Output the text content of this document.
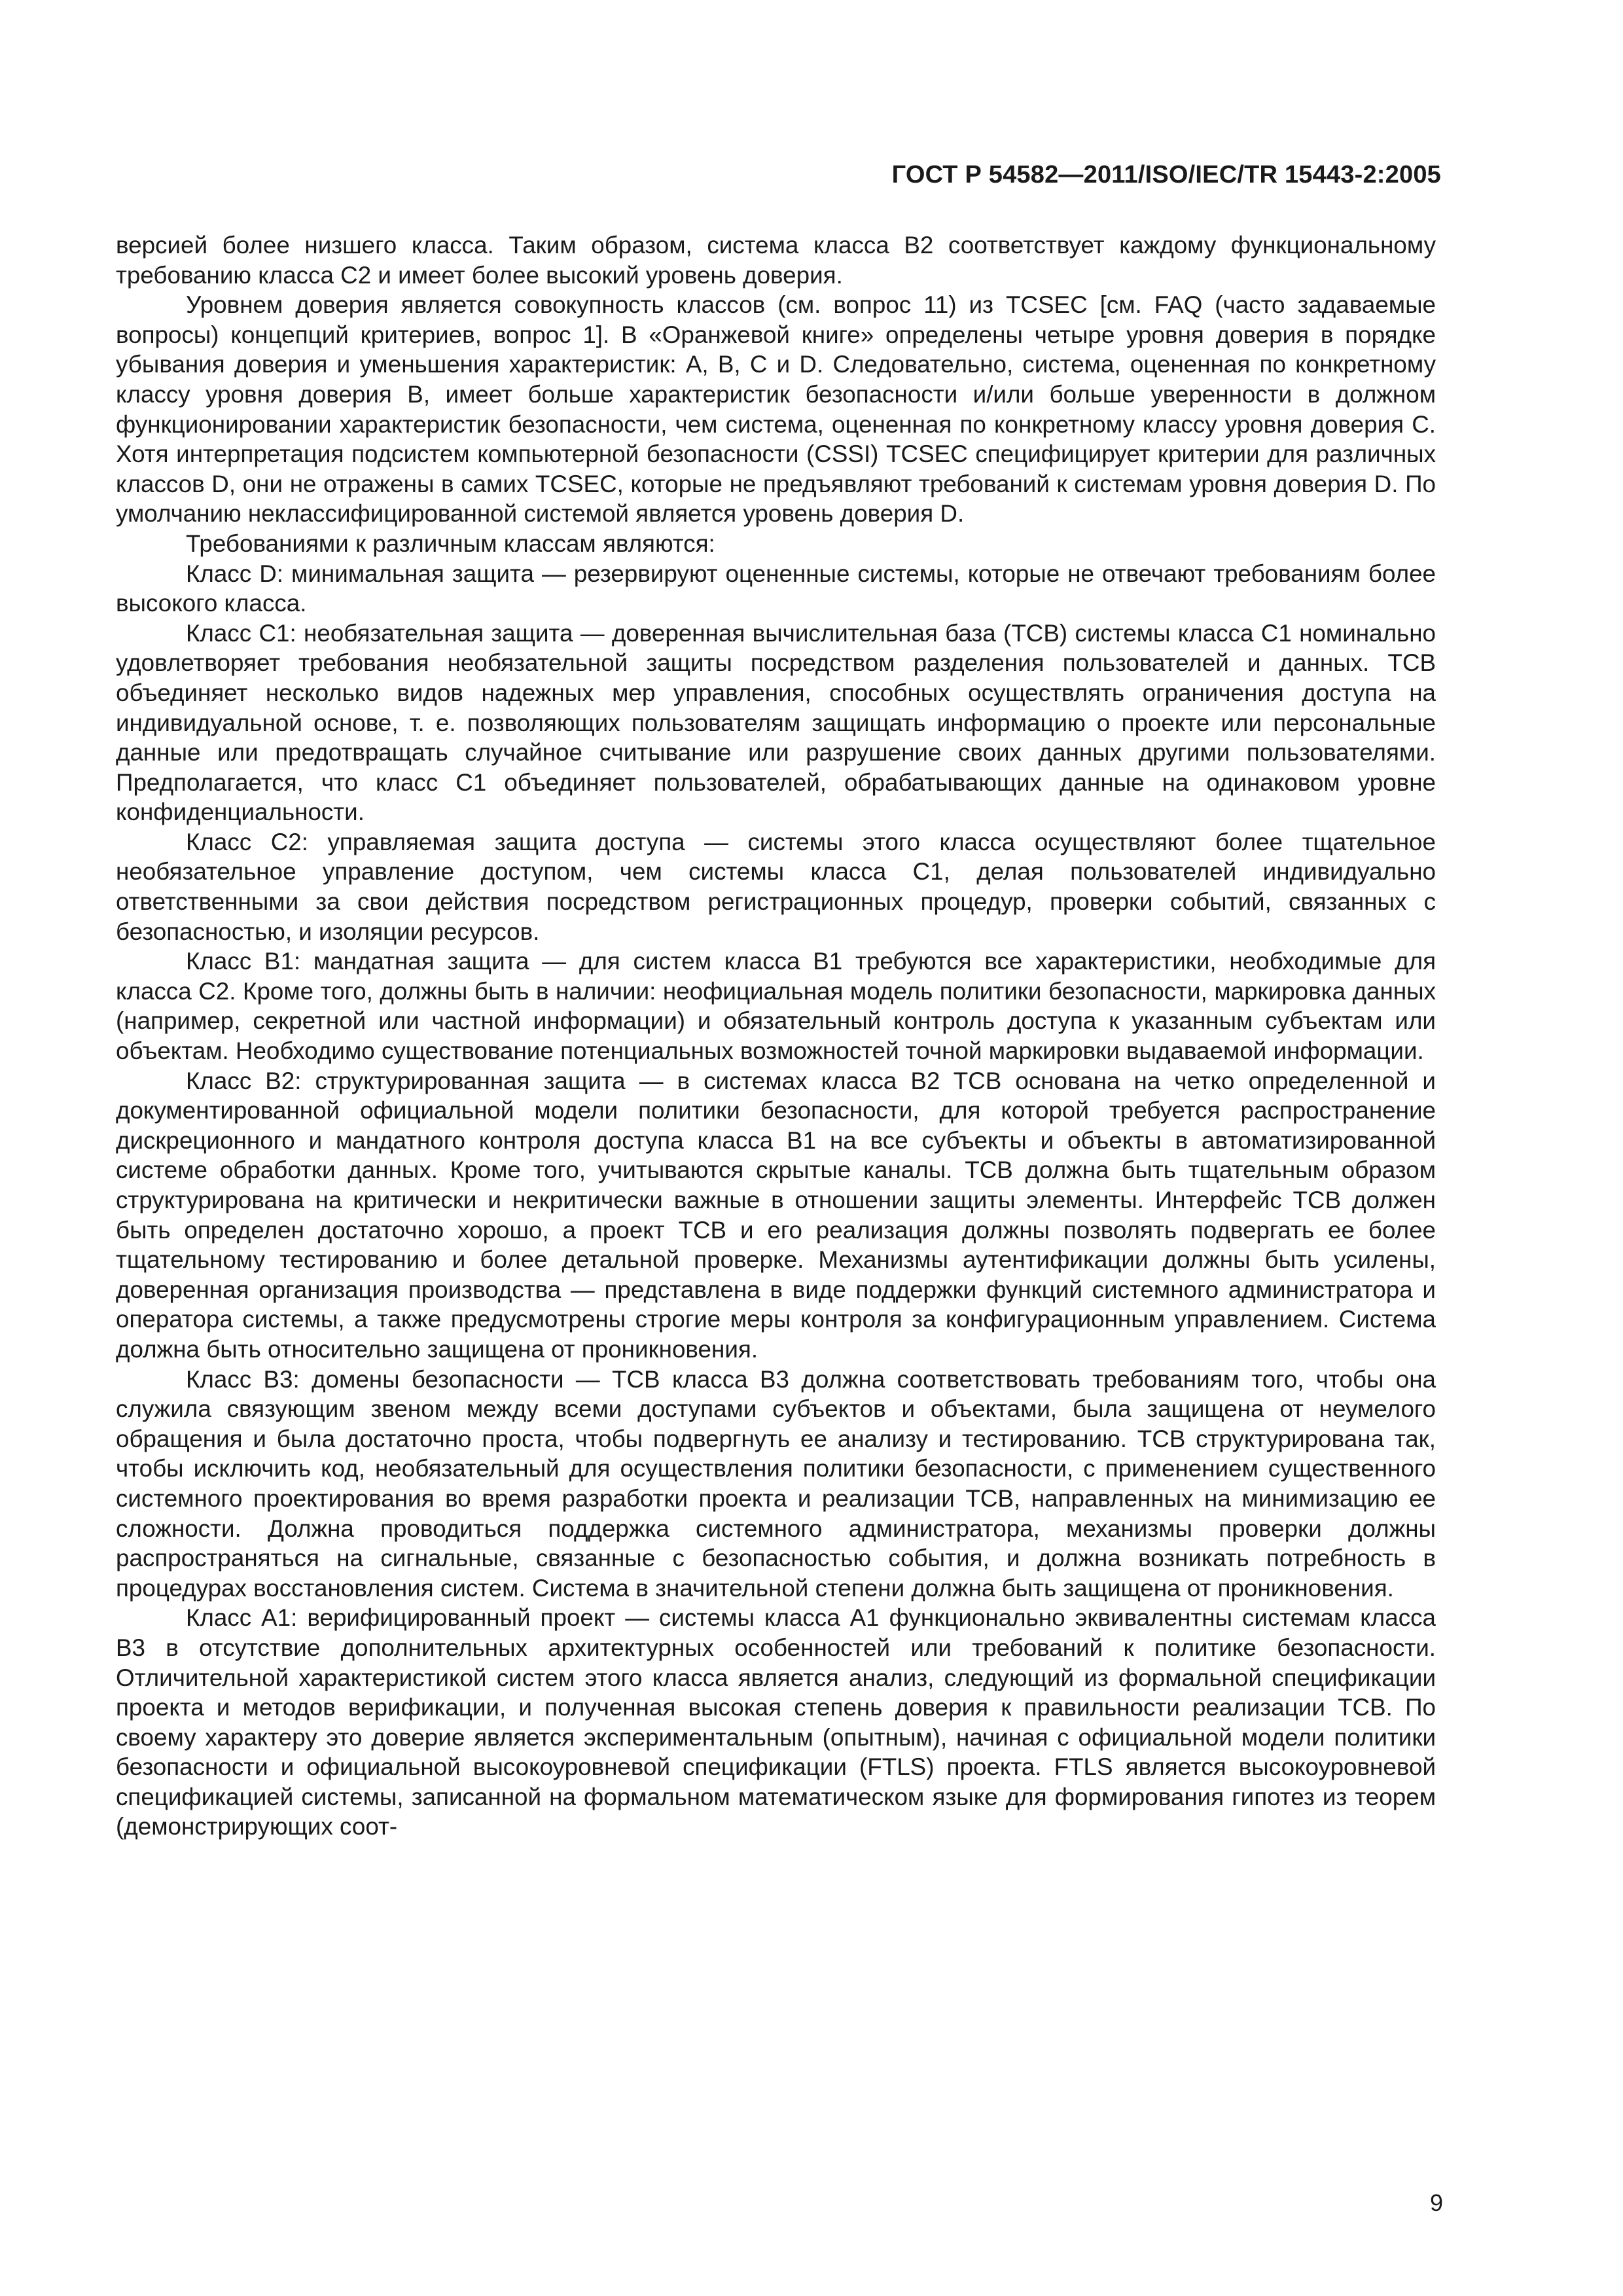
ГОСТ Р 54582—2011/ISO/IEC/TR 15443-2:2005

версией более низшего класса. Таким образом, система класса B2 соответствует каждому функциональному требованию класса C2 и имеет более высокий уровень доверия.

Уровнем доверия является совокупность классов (см. вопрос 11) из TCSEC [см. FAQ (часто задаваемые вопросы) концепций критериев, вопрос 1]. В «Оранжевой книге» определены четыре уровня доверия в порядке убывания доверия и уменьшения характеристик: A, B, C и D. Следовательно, система, оцененная по конкретному классу уровня доверия B, имеет больше характеристик безопасности и/или больше уверенности в должном функционировании характеристик безопасности, чем система, оцененная по конкретному классу уровня доверия C. Хотя интерпретация подсистем компьютерной безопасности (CSSI) TCSEC специфицирует критерии для различных классов D, они не отражены в самих TCSEC, которые не предъявляют требований к системам уровня доверия D. По умолчанию неклассифицированной системой является уровень доверия D.

Требованиями к различным классам являются:

Класс D: минимальная защита — резервируют оцененные системы, которые не отвечают требованиям более высокого класса.

Класс C1: необязательная защита — доверенная вычислительная база (TCB) системы класса C1 номинально удовлетворяет требования необязательной защиты посредством разделения пользователей и данных. TCB объединяет несколько видов надежных мер управления, способных осуществлять ограничения доступа на индивидуальной основе, т. е. позволяющих пользователям защищать информацию о проекте или персональные данные или предотвращать случайное считывание или разрушение своих данных другими пользователями. Предполагается, что класс C1 объединяет пользователей, обрабатывающих данные на одинаковом уровне конфиденциальности.

Класс C2: управляемая защита доступа — системы этого класса осуществляют более тщательное необязательное управление доступом, чем системы класса C1, делая пользователей индивидуально ответственными за свои действия посредством регистрационных процедур, проверки событий, связанных с безопасностью, и изоляции ресурсов.

Класс B1: мандатная защита — для систем класса B1 требуются все характеристики, необходимые для класса C2. Кроме того, должны быть в наличии: неофициальная модель политики безопасности, маркировка данных (например, секретной или частной информации) и обязательный контроль доступа к указанным субъектам или объектам. Необходимо существование потенциальных возможностей точной маркировки выдаваемой информации.

Класс B2: структурированная защита — в системах класса B2 TCB основана на четко определенной и документированной официальной модели политики безопасности, для которой требуется распространение дискреционного и мандатного контроля доступа класса B1 на все субъекты и объекты в автоматизированной системе обработки данных. Кроме того, учитываются скрытые каналы. TCB должна быть тщательным образом структурирована на критически и некритически важные в отношении защиты элементы. Интерфейс TCB должен быть определен достаточно хорошо, а проект TCB и его реализация должны позволять подвергать ее более тщательному тестированию и более детальной проверке. Механизмы аутентификации должны быть усилены, доверенная организация производства — представлена в виде поддержки функций системного администратора и оператора системы, а также предусмотрены строгие меры контроля за конфигурационным управлением. Система должна быть относительно защищена от проникновения.

Класс B3: домены безопасности — TCB класса B3 должна соответствовать требованиям того, чтобы она служила связующим звеном между всеми доступами субъектов и объектами, была защищена от неумелого обращения и была достаточно проста, чтобы подвергнуть ее анализу и тестированию. TCB структурирована так, чтобы исключить код, необязательный для осуществления политики безопасности, с применением существенного системного проектирования во время разработки проекта и реализации TCB, направленных на минимизацию ее сложности. Должна проводиться поддержка системного администратора, механизмы проверки должны распространяться на сигнальные, связанные с безопасностью события, и должна возникать потребность в процедурах восстановления систем. Система в значительной степени должна быть защищена от проникновения.

Класс A1: верифицированный проект — системы класса A1 функционально эквивалентны системам класса B3 в отсутствие дополнительных архитектурных особенностей или требований к политике безопасности. Отличительной характеристикой систем этого класса является анализ, следующий из формальной спецификации проекта и методов верификации, и полученная высокая степень доверия к правильности реализации TCB. По своему характеру это доверие является экспериментальным (опытным), начиная с официальной модели политики безопасности и официальной высокоуровневой спецификации (FTLS) проекта. FTLS является высокоуровневой спецификацией системы, записанной на формальном математическом языке для формирования гипотез из теорем (демонстрирующих соот-

9
